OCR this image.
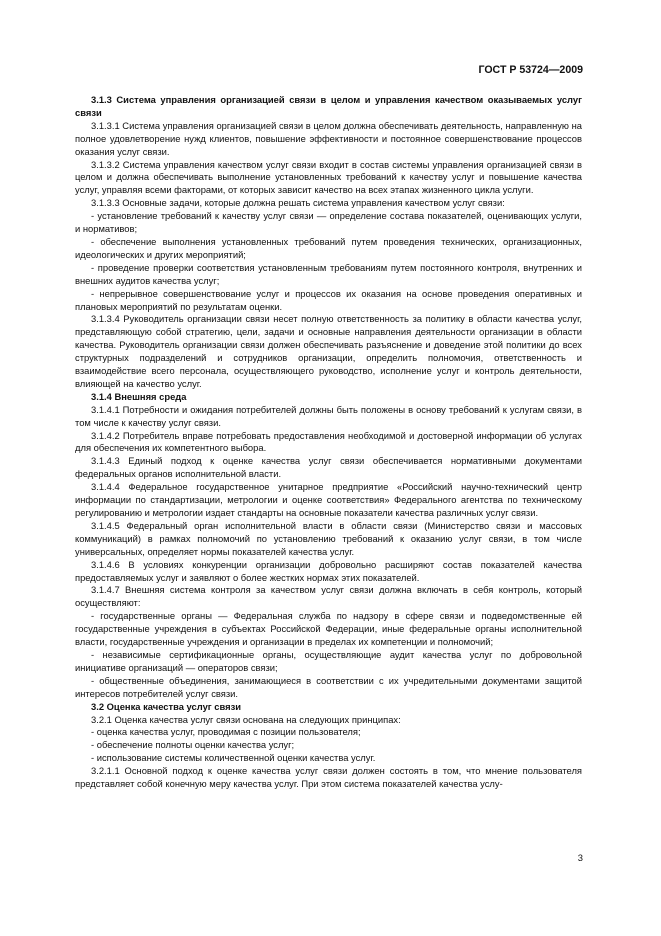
ГОСТ Р 53724—2009

3.1.3 Система управления организацией связи в целом и управления качеством оказываемых услуг связи

3.1.3.1 Система управления организацией связи в целом должна обеспечивать деятельность, направленную на полное удовлетворение нужд клиентов, повышение эффективности и постоянное совершенствование процессов оказания услуг связи.

3.1.3.2 Система управления качеством услуг связи входит в состав системы управления организацией связи в целом и должна обеспечивать выполнение установленных требований к качеству услуг и повышение качества услуг, управляя всеми факторами, от которых зависит качество на всех этапах жизненного цикла услуги.

3.1.3.3 Основные задачи, которые должна решать система управления качеством услуг связи:

- установление требований к качеству услуг связи — определение состава показателей, оценивающих услуги, и нормативов;

- обеспечение выполнения установленных требований путем проведения технических, организационных, идеологических и других мероприятий;

- проведение проверки соответствия установленным требованиям путем постоянного контроля, внутренних и внешних аудитов качества услуг;

- непрерывное совершенствование услуг и процессов их оказания на основе проведения оперативных и плановых мероприятий по результатам оценки.

3.1.3.4 Руководитель организации связи несет полную ответственность за политику в области качества услуг, представляющую собой стратегию, цели, задачи и основные направления деятельности организации в области качества. Руководитель организации связи должен обеспечивать разъяснение и доведение этой политики до всех структурных подразделений и сотрудников организации, определить полномочия, ответственность и взаимодействие всего персонала, осуществляющего руководство, исполнение услуг и контроль деятельности, влияющей на качество услуг.

3.1.4 Внешняя среда

3.1.4.1 Потребности и ожидания потребителей должны быть положены в основу требований к услугам связи, в том числе к качеству услуг связи.

3.1.4.2 Потребитель вправе потребовать предоставления необходимой и достоверной информации об услугах для обеспечения их компетентного выбора.

3.1.4.3 Единый подход к оценке качества услуг связи обеспечивается нормативными документами федеральных органов исполнительной власти.

3.1.4.4 Федеральное государственное унитарное предприятие «Российский научно-технический центр информации по стандартизации, метрологии и оценке соответствия» Федерального агентства по техническому регулированию и метрологии издает стандарты на основные показатели качества различных услуг связи.

3.1.4.5 Федеральный орган исполнительной власти в области связи (Министерство связи и массовых коммуникаций) в рамках полномочий по установлению требований к оказанию услуг связи, в том числе универсальных, определяет нормы показателей качества услуг.

3.1.4.6 В условиях конкуренции организации добровольно расширяют состав показателей качества предоставляемых услуг и заявляют о более жестких нормах этих показателей.

3.1.4.7 Внешняя система контроля за качеством услуг связи должна включать в себя контроль, который осуществляют:

- государственные органы — Федеральная служба по надзору в сфере связи и подведомственные ей государственные учреждения в субъектах Российской Федерации, иные федеральные органы исполнительной власти, государственные учреждения и организации в пределах их компетенции и полномочий;

- независимые сертификационные органы, осуществляющие аудит качества услуг по добровольной инициативе организаций — операторов связи;

- общественные объединения, занимающиеся в соответствии с их учредительными документами защитой интересов потребителей услуг связи.

3.2 Оценка качества услуг связи

3.2.1 Оценка качества услуг связи основана на следующих принципах:

- оценка качества услуг, проводимая с позиции пользователя;

- обеспечение полноты оценки качества услуг;

- использование системы количественной оценки качества услуг.

3.2.1.1 Основной подход к оценке качества услуг связи должен состоять в том, что мнение пользователя представляет собой конечную меру качества услуг. При этом система показателей качества услу-

3
